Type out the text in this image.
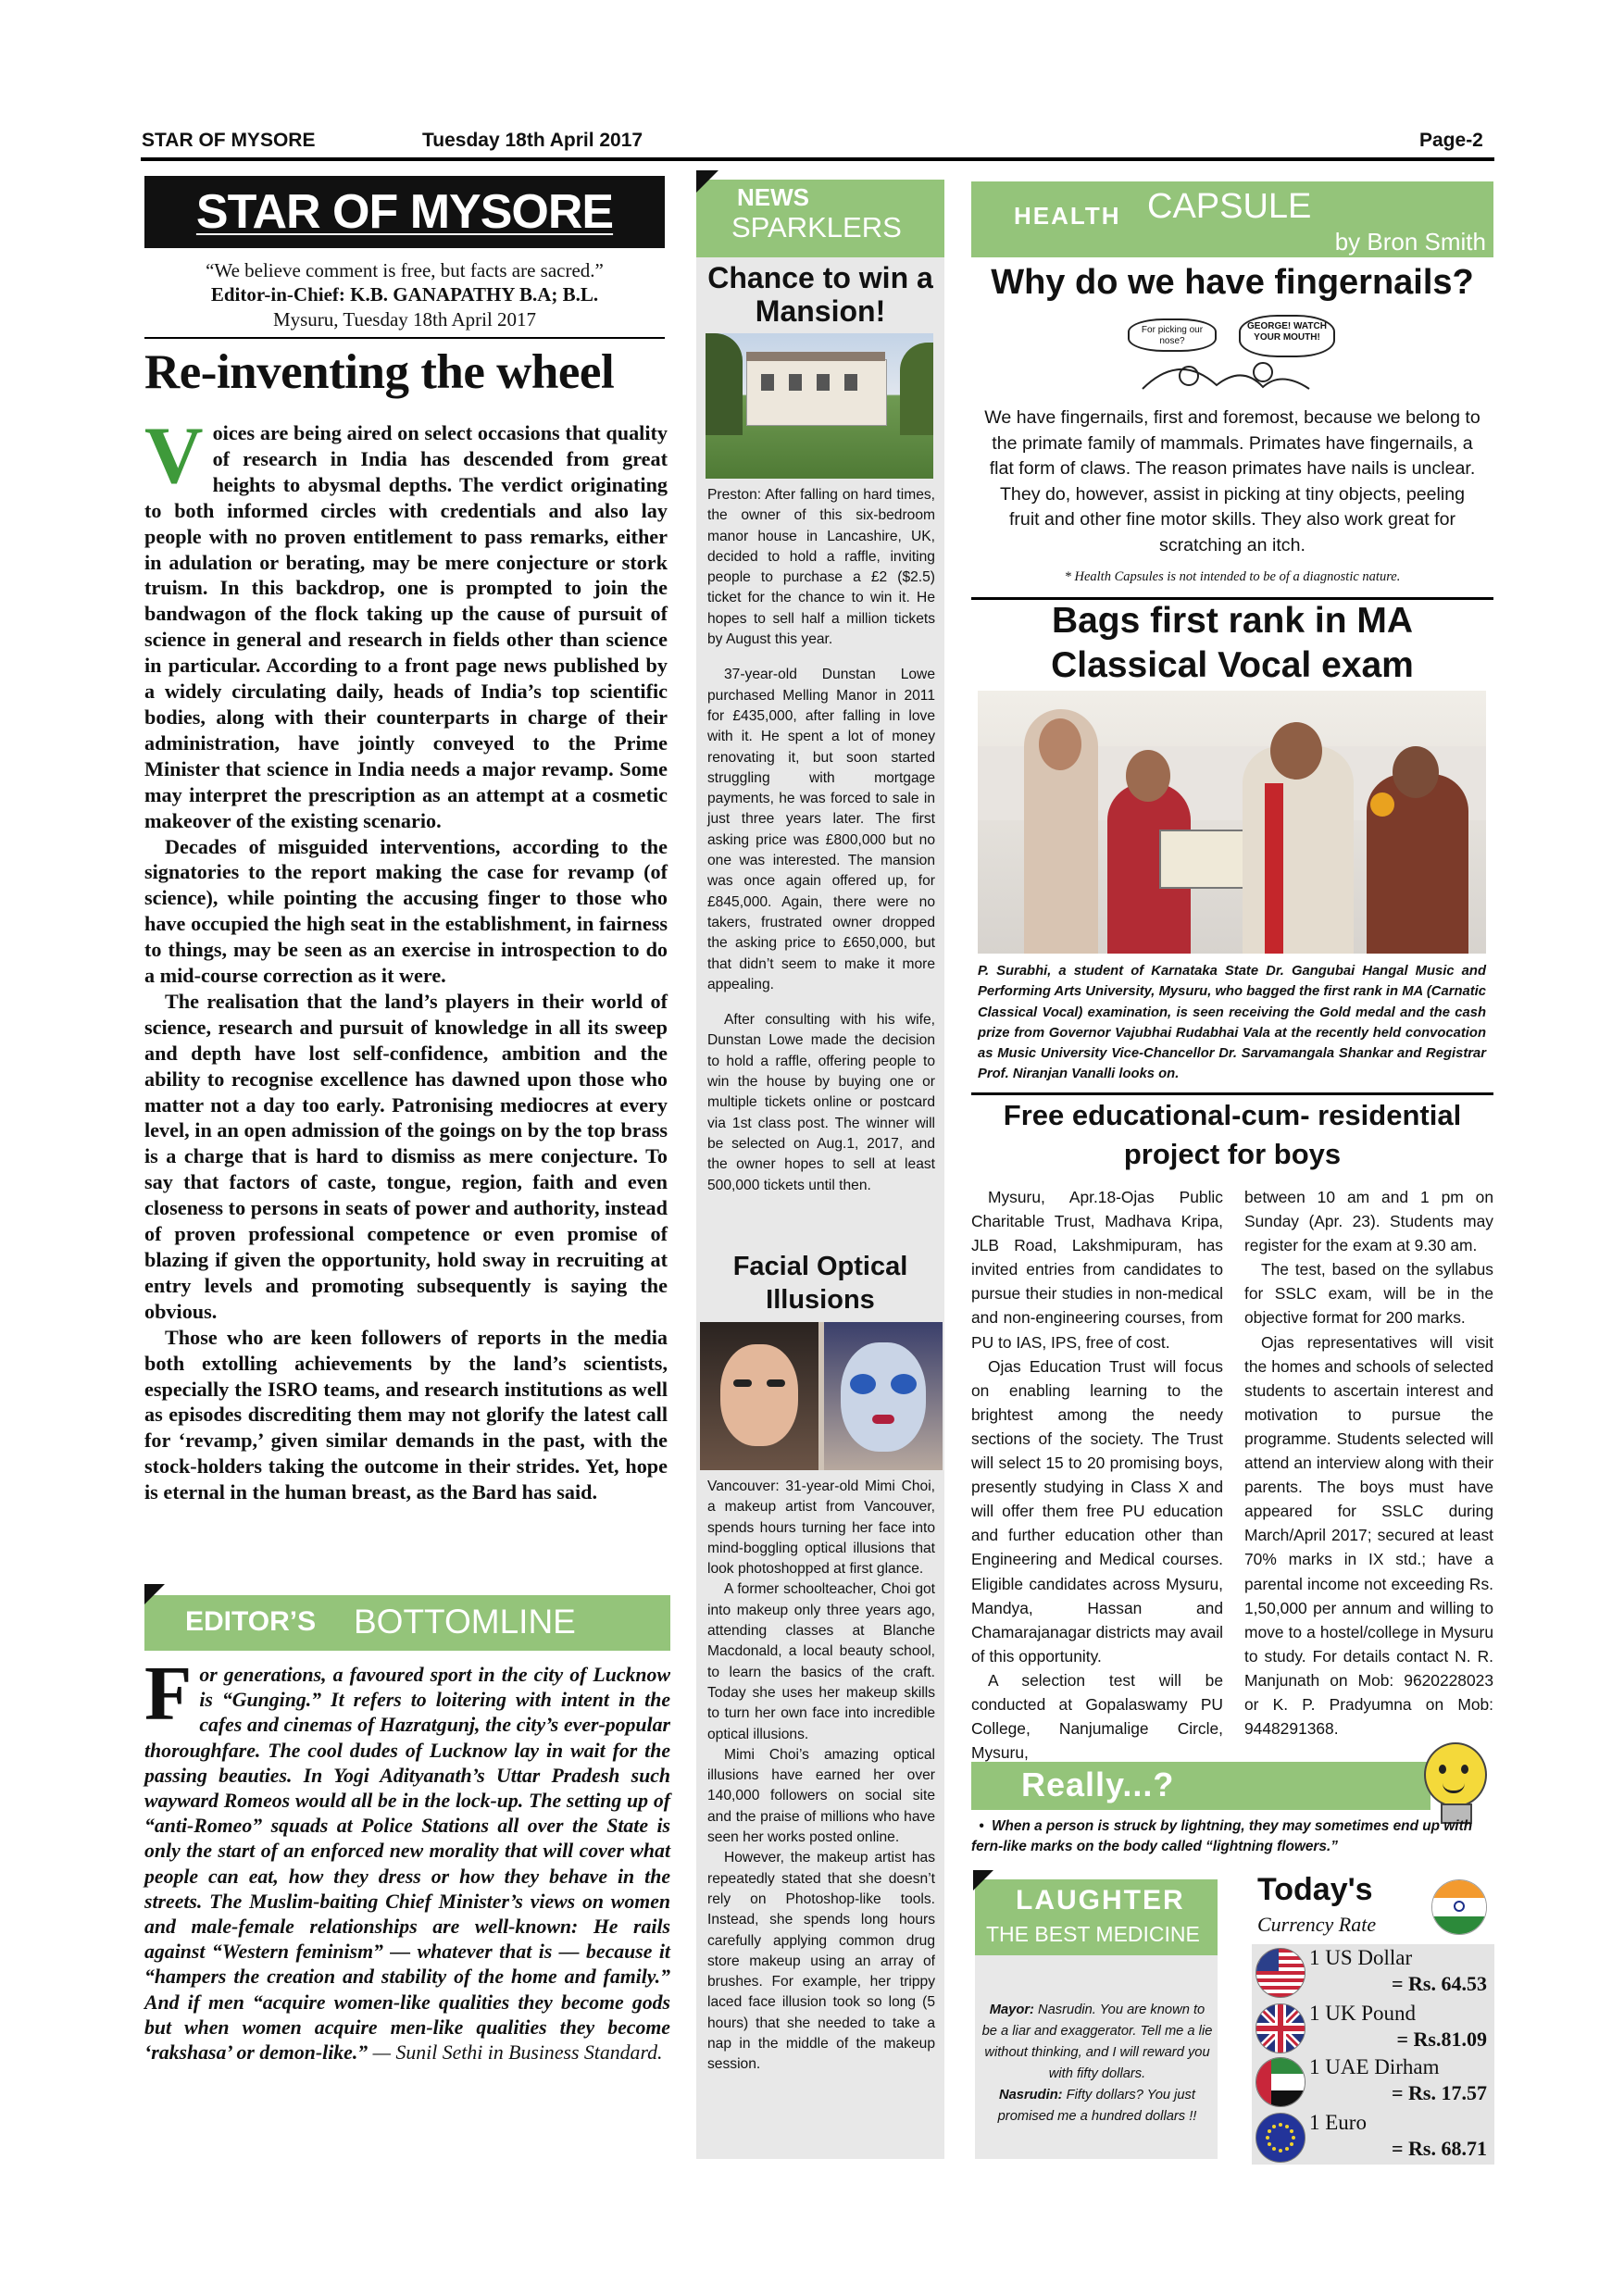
STAR OF MYSORE	Tuesday 18th April 2017	Page-2
STAR OF MYSORE
“We believe comment is free, but facts are sacred.”
Editor-in-Chief: K.B. GANAPATHY B.A; B.L.
Mysuru, Tuesday 18th April 2017
Re-inventing the wheel

Voices are being aired on select occasions that quality of research in India has descended from great heights to abysmal depths. The verdict originating to both informed circles with credentials and also lay people with no proven entitlement to pass remarks, either in adulation or berating, may be mere conjecture or stork truism. In this backdrop, one is prompted to join the bandwagon of the flock taking up the cause of pursuit of science in general and research in fields other than science in particular. According to a front page news published by a widely circulating daily, heads of India’s top scientific bodies, along with their counterparts in charge of their administration, have jointly conveyed to the Prime Minister that science in India needs a major revamp. Some may interpret the prescription as an attempt at a cosmetic makeover of the existing scenario.

Decades of misguided interventions, according to the signatories to the report making the case for revamp (of science), while pointing the accusing finger to those who have occupied the high seat in the establishment, in fairness to things, may be seen as an exercise in introspection to do a mid-course correction as it were.

The realisation that the land’s players in their world of science, research and pursuit of knowledge in all its sweep and depth have lost self-confidence, ambition and the ability to recognise excellence has dawned upon those who matter not a day too early. Patronising mediocres at every level, in an open admission of the goings on by the top brass is a charge that is hard to dismiss as mere conjecture. To say that factors of caste, tongue, region, faith and even closeness to persons in seats of power and authority, instead of proven professional competence or even promise of blazing if given the opportunity, hold sway in recruiting at entry levels and promoting subsequently is saying the obvious.

Those who are keen followers of reports in the media both extolling achievements by the land’s scientists, especially the ISRO teams, and research institutions as well as episodes discrediting them may not glorify the latest call for ‘revamp,’ given similar demands in the past, with the stock-holders taking the outcome in their strides. Yet, hope is eternal in the human breast, as the Bard has said.

EDITOR’S BOTTOMLINE
For generations, a favoured sport in the city of Lucknow is “Gunging.” It refers to loitering with intent in the cafes and cinemas of Hazratgunj, the city’s ever-popular thoroughfare. The cool dudes of Lucknow lay in wait for the passing beauties. In Yogi Adityanath’s Uttar Pradesh such wayward Romeos would all be in the lock-up. The setting up of “anti-Romeo” squads at Police Stations all over the State is only the start of an enforced new morality that will cover what people can eat, how they dress or how they behave in the streets. The Muslim-baiting Chief Minister’s views on women and male-female relationships are well-known: He rails against “Western feminism” — whatever that is — because it “hampers the creation and stability of the home and family.” And if men “acquire women-like qualities they become gods but when women acquire men-like qualities they become ‘rakshasa’ or demon-like.” — Sunil Sethi in Business Standard.
NEWS
SPARKLERS
Chance to win a Mansion!

Preston: After falling on hard times, the owner of this six-bedroom manor house in Lancashire, UK, decided to hold a raffle, inviting people to purchase a £2 ($2.5) ticket for the chance to win it. He hopes to sell half a million tickets by August this year.

37-year-old Dunstan Lowe purchased Melling Manor in 2011 for £435,000, after falling in love with it. He spent a lot of money renovating it, but soon started struggling with mortgage payments, he was forced to sale in just three years later. The first asking price was £800,000 but no one was interested. The mansion was once again offered up, for £845,000. Again, there were no takers, frustrated owner dropped the asking price to £650,000, but that didn’t seem to make it more appealing.

After consulting with his wife, Dunstan Lowe made the decision to hold a raffle, offering people to win the house by buying one or multiple tickets online or postcard via 1st class post. The winner will be selected on Aug.1, 2017, and the owner hopes to sell at least 500,000 tickets until then.

Facial Optical Illusions

Vancouver: 31-year-old Mimi Choi, a makeup artist from Vancouver, spends hours turning her face into mind-boggling optical illusions that look photoshopped at first glance.

A former schoolteacher, Choi got into makeup only three years ago, attending classes at Blanche Macdonald, a local beauty school, to learn the basics of the craft. Today she uses her makeup skills to turn her own face into incredible optical illusions.

Mimi Choi’s amazing optical illusions have earned her over 140,000 followers on social site and the praise of millions who have seen her works posted online.

However, the makeup artist has repeatedly stated that she doesn’t rely on Photoshop-like tools. Instead, she spends long hours carefully applying common drug store makeup using an array of brushes. For example, her trippy laced face illusion took so long (5 hours) that she needed to take a nap in the middle of the makeup session.

HEALTH CAPSULE
by Bron Smith
Why do we have fingernails?
For picking our nose?
GEORGE! WATCH YOUR MOUTH!
We have fingernails, first and foremost, because we belong to the primate family of mammals. Primates have fingernails, a flat form of claws. The reason primates have nails is unclear. They do, however, assist in picking at tiny objects, peeling fruit and other fine motor skills. They also work great for scratching an itch.
* Health Capsules is not intended to be of a diagnostic nature.
Bags first rank in MA Classical Vocal exam
P. Surabhi, a student of Karnataka State Dr. Gangubai Hangal Music and Performing Arts University, Mysuru, who bagged the first rank in MA (Carnatic Classical Vocal) examination, is seen receiving the Gold medal and the cash prize from Governor Vajubhai Rudabhai Vala at the recently held convocation as Music University Vice-Chancellor Dr. Sarvamangala Shankar and Registrar Prof. Niranjan Vanalli looks on.
Free educational-cum- residential project for boys

Mysuru, Apr.18-Ojas Public Charitable Trust, Madhava Kripa, JLB Road, Lakshmipuram, has invited entries from candidates to pursue their studies in non-medical and non-engineering courses, from PU to IAS, IPS, free of cost.

Ojas Education Trust will focus on enabling learning to the brightest among the needy sections of the society. The Trust will select 15 to 20 promising boys, presently studying in Class X and will offer them free PU education and further education other than Engineering and Medical courses. Eligible candidates across Mysuru, Mandya, Hassan and Chamarajanagar districts may avail of this opportunity.

A selection test will be conducted at Gopalaswamy PU College, Nanjumalige Circle, Mysuru,

between 10 am and 1 pm on Sunday (Apr. 23). Students may register for the exam at 9.30 am.

The test, based on the syllabus for SSLC exam, will be in the objective format for 200 marks.

Ojas representatives will visit the homes and schools of selected students to ascertain interest and motivation to pursue the programme. Students selected will attend an interview along with their parents. The boys must have appeared for SSLC during March/April 2017; secured at least 70% marks in IX std.; have a parental income not exceeding Rs. 1,50,000 per annum and willing to move to a hostel/college in Mysuru to study. For details contact N. R. Manjunath on Mob: 9620228023 or K. P. Pradyumna on Mob: 9448291368.

Really...?
• When a person is struck by lightning, they may sometimes end up with fern-like marks on the body called “lightning flowers.”
LAUGHTER
THE BEST MEDICINE
Mayor: Nasrudin. You are known to be a liar and exaggerator. Tell me a lie without thinking, and I will reward you with fifty dollars.
Nasrudin: Fifty dollars? You just promised me a hundred dollars !!
Today's
Currency Rate
1 US Dollar
= Rs. 64.53
1 UK Pound
= Rs.81.09
1 UAE Dirham
= Rs. 17.57
1 Euro
= Rs. 68.71
